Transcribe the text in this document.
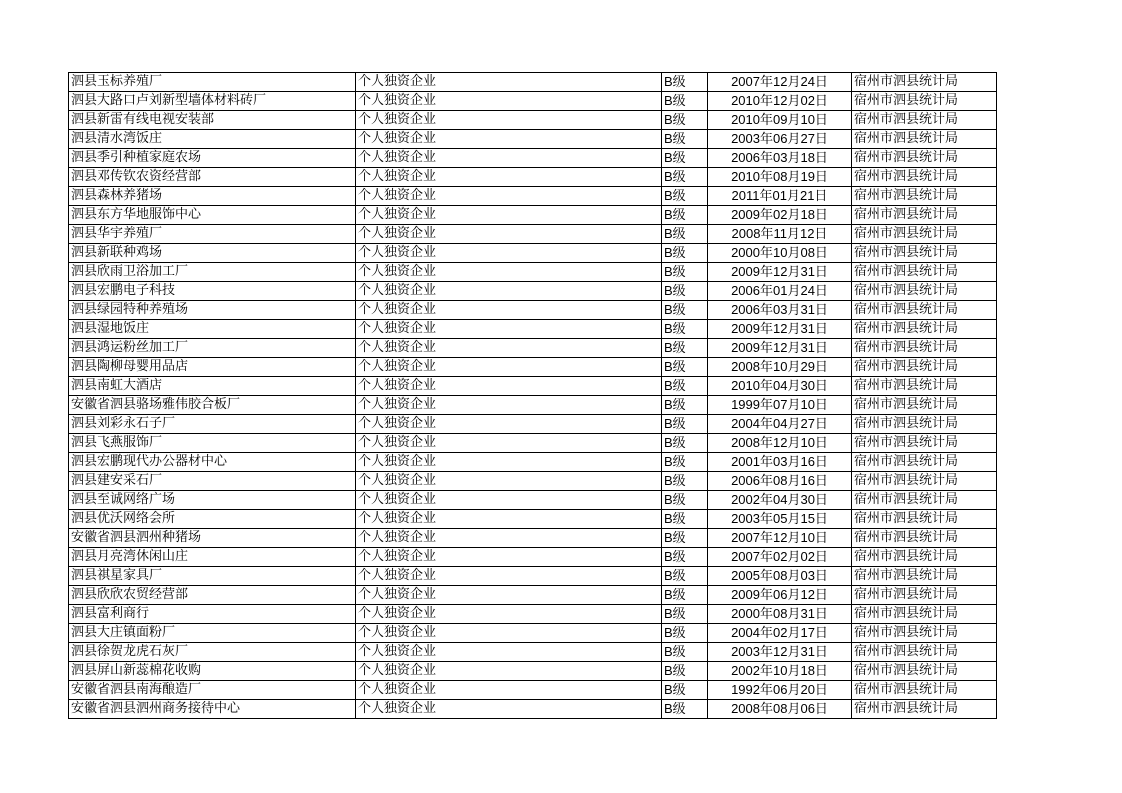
泗县玉标养殖厂	个人独资企业	B级	2007年12月24日	宿州市泗县统计局
泗县大路口卢刘新型墙体材料砖厂	个人独资企业	B级	2010年12月02日	宿州市泗县统计局
泗县新雷有线电视安装部	个人独资企业	B级	2010年09月10日	宿州市泗县统计局
泗县清水湾饭庄	个人独资企业	B级	2003年06月27日	宿州市泗县统计局
泗县季引种植家庭农场	个人独资企业	B级	2006年03月18日	宿州市泗县统计局
泗县邓传钦农资经营部	个人独资企业	B级	2010年08月19日	宿州市泗县统计局
泗县森林养猪场	个人独资企业	B级	2011年01月21日	宿州市泗县统计局
泗县东方华地服饰中心	个人独资企业	B级	2009年02月18日	宿州市泗县统计局
泗县华宇养殖厂	个人独资企业	B级	2008年11月12日	宿州市泗县统计局
泗县新联种鸡场	个人独资企业	B级	2000年10月08日	宿州市泗县统计局
泗县欣雨卫浴加工厂	个人独资企业	B级	2009年12月31日	宿州市泗县统计局
泗县宏鹏电子科技	个人独资企业	B级	2006年01月24日	宿州市泗县统计局
泗县绿园特种养殖场	个人独资企业	B级	2006年03月31日	宿州市泗县统计局
泗县湿地饭庄	个人独资企业	B级	2009年12月31日	宿州市泗县统计局
泗县鸿运粉丝加工厂	个人独资企业	B级	2009年12月31日	宿州市泗县统计局
泗县陶柳母婴用品店	个人独资企业	B级	2008年10月29日	宿州市泗县统计局
泗县南虹大酒店	个人独资企业	B级	2010年04月30日	宿州市泗县统计局
安徽省泗县骆场雅伟胶合板厂	个人独资企业	B级	1999年07月10日	宿州市泗县统计局
泗县刘彩永石子厂	个人独资企业	B级	2004年04月27日	宿州市泗县统计局
泗县飞燕服饰厂	个人独资企业	B级	2008年12月10日	宿州市泗县统计局
泗县宏鹏现代办公器材中心	个人独资企业	B级	2001年03月16日	宿州市泗县统计局
泗县建安采石厂	个人独资企业	B级	2006年08月16日	宿州市泗县统计局
泗县至诚网络广场	个人独资企业	B级	2002年04月30日	宿州市泗县统计局
泗县优沃网络会所	个人独资企业	B级	2003年05月15日	宿州市泗县统计局
安徽省泗县泗州种猪场	个人独资企业	B级	2007年12月10日	宿州市泗县统计局
泗县月亮湾休闲山庄	个人独资企业	B级	2007年02月02日	宿州市泗县统计局
泗县祺星家具厂	个人独资企业	B级	2005年08月03日	宿州市泗县统计局
泗县欣欣农贸经营部	个人独资企业	B级	2009年06月12日	宿州市泗县统计局
泗县富利商行	个人独资企业	B级	2000年08月31日	宿州市泗县统计局
泗县大庄镇面粉厂	个人独资企业	B级	2004年02月17日	宿州市泗县统计局
泗县徐贺龙虎石灰厂	个人独资企业	B级	2003年12月31日	宿州市泗县统计局
泗县屏山新蕊棉花收购	个人独资企业	B级	2002年10月18日	宿州市泗县统计局
安徽省泗县南海酿造厂	个人独资企业	B级	1992年06月20日	宿州市泗县统计局
安徽省泗县泗州商务接待中心	个人独资企业	B级	2008年08月06日	宿州市泗县统计局
